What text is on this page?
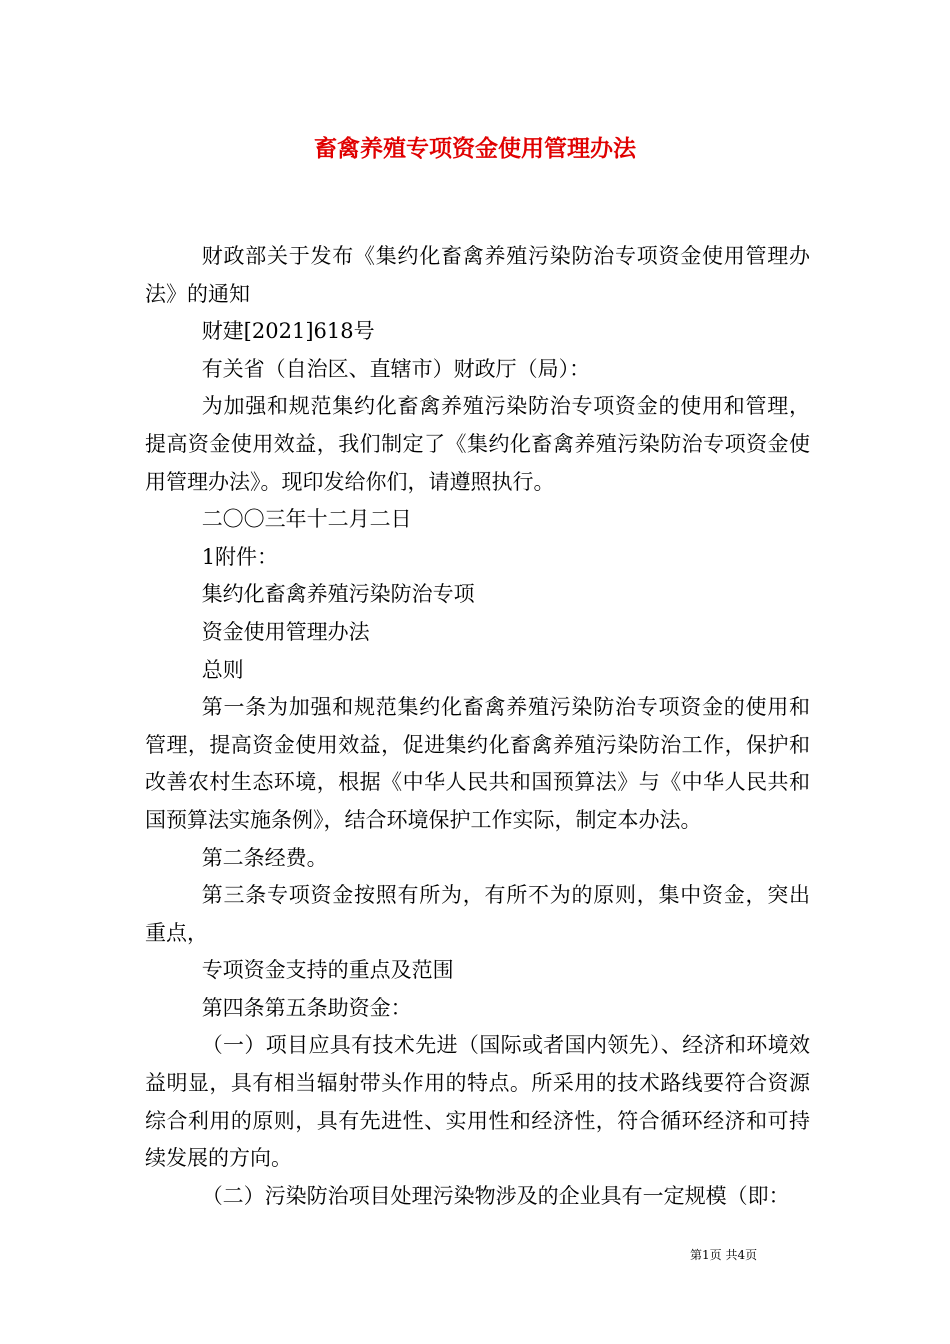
畜禽养殖专项资金使用管理办法

财政部关于发布《集约化畜禽养殖污染防治专项资金使用管理办法》的通知

财建[2021]618号

有关省（自治区、直辖市）财政厅（局）：

为加强和规范集约化畜禽养殖污染防治专项资金的使用和管理，提高资金使用效益，我们制定了《集约化畜禽养殖污染防治专项资金使用管理办法》。现印发给你们，请遵照执行。

二〇〇三年十二月二日

1附件：

集约化畜禽养殖污染防治专项

资金使用管理办法

总则

第一条为加强和规范集约化畜禽养殖污染防治专项资金的使用和管理，提高资金使用效益，促进集约化畜禽养殖污染防治工作，保护和改善农村生态环境，根据《中华人民共和国预算法》与《中华人民共和国预算法实施条例》，结合环境保护工作实际，制定本办法。

第二条经费。

第三条专项资金按照有所为，有所不为的原则，集中资金，突出重点，

专项资金支持的重点及范围

第四条第五条助资金：

（一）项目应具有技术先进（国际或者国内领先）、经济和环境效益明显，具有相当辐射带头作用的特点。所采用的技术路线要符合资源综合利用的原则，具有先进性、实用性和经济性，符合循环经济和可持续发展的方向。

（二）污染防治项目处理污染物涉及的企业具有一定规模（即：

第1页 共4页
